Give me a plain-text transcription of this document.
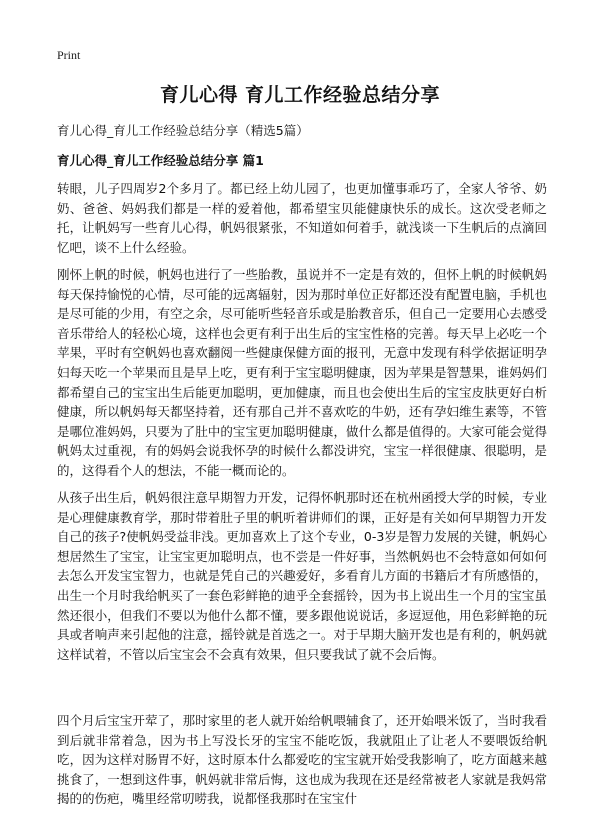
Print
育儿心得 育儿工作经验总结分享
育儿心得_育儿工作经验总结分享（精选5篇）
育儿心得_育儿工作经验总结分享 篇1

转眼，儿子四周岁2个多月了。都已经上幼儿园了，也更加懂事乖巧了，全家人爷爷、奶奶、爸爸、妈妈我们都是一样的爱着他，都希望宝贝能健康快乐的成长。这次受老师之托，让帆妈写一些育儿心得，帆妈很紧张，不知道如何着手，就浅谈一下生帆后的点滴回忆吧，谈不上什么经验。

刚怀上帆的时候，帆妈也进行了一些胎教，虽说并不一定是有效的，但怀上帆的时候帆妈每天保持愉悦的心情，尽可能的远离辐射，因为那时单位正好都还没有配置电脑，手机也是尽可能的少用，有空之余，尽可能听些轻音乐或是胎教音乐，但自己一定要用心去感受音乐带给人的轻松心境，这样也会更有利于出生后的宝宝性格的完善。每天早上必吃一个苹果，平时有空帆妈也喜欢翻阅一些健康保健方面的报刊，无意中发现有科学依据证明孕妇每天吃一个苹果而且是早上吃，更有利于宝宝聪明健康，因为苹果是智慧果，谁妈妈们都希望自己的宝宝出生后能更加聪明，更加健康，而且也会使出生后的宝宝皮肤更好白析健康，所以帆妈每天都坚持着，还有那自己并不喜欢吃的牛奶，还有孕妇维生素等，不管是哪位准妈妈，只要为了肚中的宝宝更加聪明健康，做什么都是值得的。大家可能会觉得帆妈太过重视，有的妈妈会说我怀孕的时候什么都没讲究，宝宝一样很健康、很聪明，是的，这得看个人的想法，不能一概而论的。

从孩子出生后，帆妈很注意早期智力开发，记得怀帆那时还在杭州函授大学的时候，专业是心理健康教育学，那时带着肚子里的帆听着讲师们的课，正好是有关如何早期智力开发自己的孩子?使帆妈受益非浅。更加喜欢上了这个专业，0-3岁是智力发展的关键，帆妈心想居然生了宝宝，让宝宝更加聪明点，也不尝是一件好事，当然帆妈也不会特意如何如何去怎么开发宝宝智力，也就是凭自己的兴趣爱好，多看育儿方面的书籍后才有所感悟的，出生一个月时我给帆买了一套色彩鲜艳的迪乎全套摇铃，因为书上说出生一个月的宝宝虽然还很小，但我们不要以为他什么都不懂，要多跟他说说话，多逗逗他，用色彩鲜艳的玩具或者响声来引起他的注意，摇铃就是首选之一。对于早期大脑开发也是有利的，帆妈就这样试着，不管以后宝宝会不会真有效果，但只要我试了就不会后悔。

四个月后宝宝开荤了，那时家里的老人就开始给帆喂辅食了，还开始喂米饭了，当时我看到后就非常着急，因为书上写没长牙的宝宝不能吃饭，我就阻止了让老人不要喂饭给帆吃，因为这样对肠胃不好，这时原本什么都爱吃的宝宝就开始受我影响了，吃方面越来越挑食了，一想到这件事，帆妈就非常后悔，这也成为我现在还是经常被老人家就是我妈常揭的的伤疤，嘴里经常叨唠我，说都怪我那时在宝宝什
